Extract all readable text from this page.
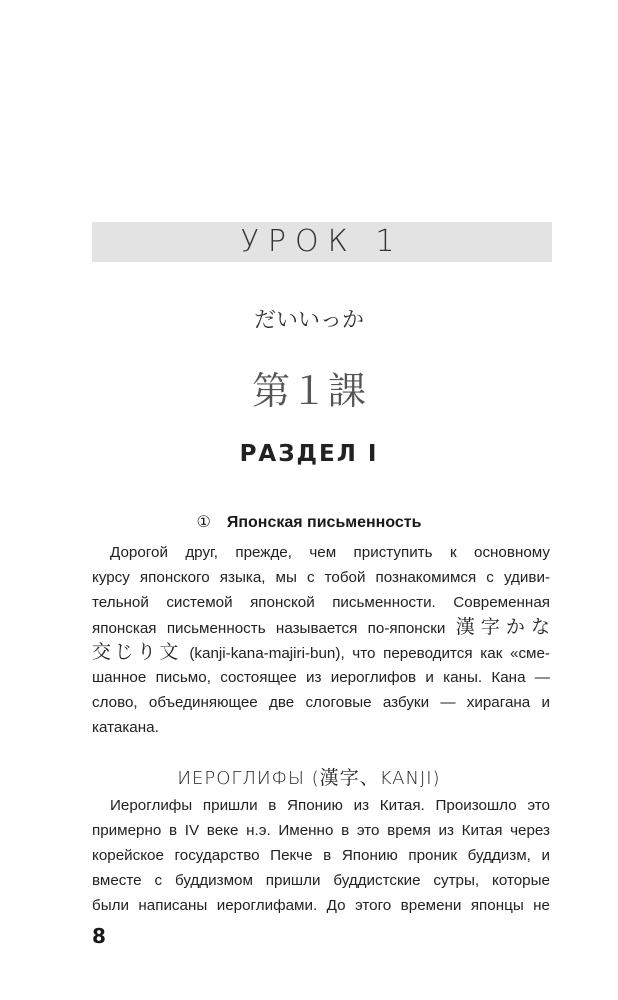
УРОК 1
だいいっか
第１課
РАЗДЕЛ I
① Японская письменность
Дорогой друг, прежде, чем приступить к основному
курсу японского языка, мы с тобой познакомимся с удиви-
тельной системой японской письменности. Современная
японская письменность называется по-японски 漢字かな
交じり文 (kanji-kana-majiri-bun), что переводится как «сме-
шанное письмо, состоящее из иероглифов и каны. Кана —
слово, объединяющее две слоговые азбуки — хирагана и
катакана.
ИЕРОГЛИФЫ (漢字、KANJI)
Иероглифы пришли в Японию из Китая. Произошло это
примерно в IV веке н.э. Именно в это время из Китая через
корейское государство Пекче в Японию проник буддизм, и
вместе с буддизмом пришли буддистские сутры, которые
были написаны иероглифами. До этого времени японцы не
8
